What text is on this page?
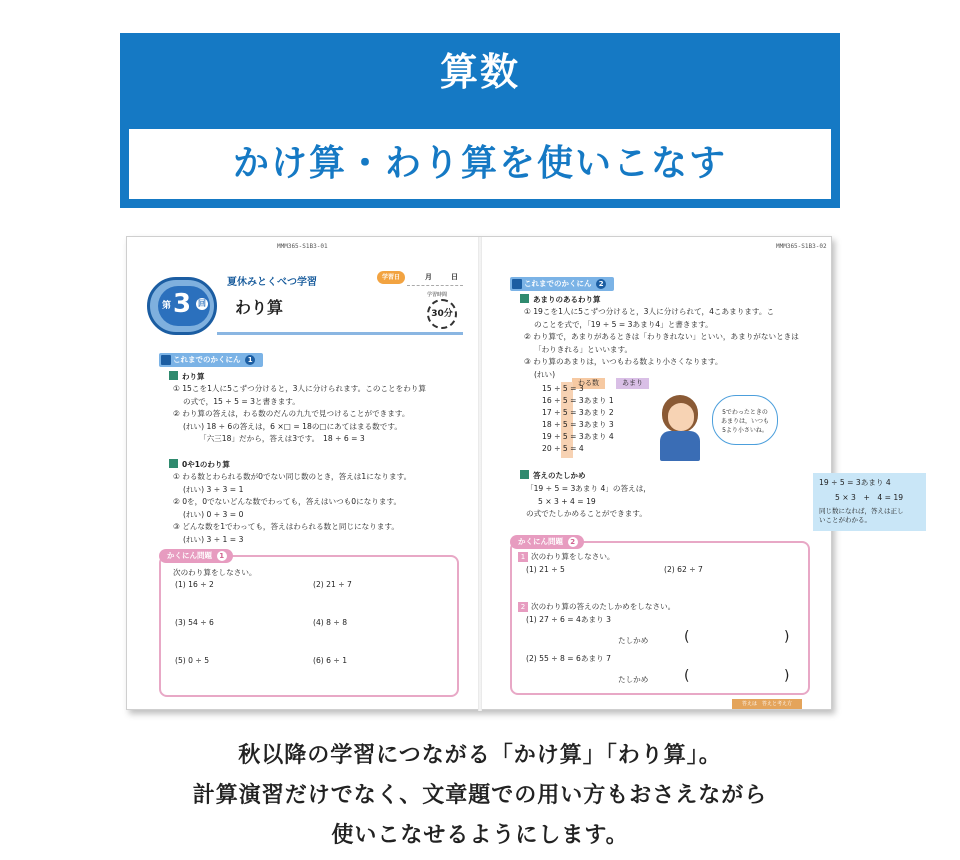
算数
かけ算・わり算を使いこなす
MMM365-S1B3-01
夏休みとくべつ学習
第 3 回 わり算
学習日	月	日
学習時間
30分
これまでのかくにん 1
わり算
① 15こを1人に5こずつ分けると，3人に分けられます。このことをわり算
の式で，15 ÷ 5 = 3と書きます。
② わり算の答えは，わる数のだんの九九で見つけることができます。
(れい) 18 ÷ 6の答えは，6 ×□ = 18の□にあてはまる数です。
「六三18」だから，答えは3です。　18 ÷ 6 = 3
0や1のわり算
① わる数とわられる数が0でない同じ数のとき，答えは1になります。
(れい) 3 ÷ 3 = 1
② 0を，0でないどんな数でわっても，答えはいつも0になります。
(れい) 0 ÷ 3 = 0
③ どんな数を1でわっても，答えはわられる数と同じになります。
(れい) 3 ÷ 1 = 3
かくにん問題 1
次のわり算をしなさい。
(1) 16 ÷ 2	(2) 21 ÷ 7
(3) 54 ÷ 6	(4) 8 ÷ 8
(5) 0 ÷ 5	(6) 6 ÷ 1
MMM365-S1B3-02
これまでのかくにん 2
あまりのあるわり算
① 19こを1人に5こずつ分けると，3人に分けられて，4こあまります。こ
のことを式で，「19 ÷ 5 = 3あまり4」と書きます。
② わり算で，あまりがあるときは「わりきれない」といい，あまりがないときは
「わりきれる」といいます。
③ わり算のあまりは，いつもわる数より小さくなります。
(れい)
わる数	あまり
15 ÷ 5 = 3
16 ÷ 5 = 3あまり 1
17 ÷ 5 = 3あまり 2
18 ÷ 5 = 3あまり 3
19 ÷ 5 = 3あまり 4
20 ÷ 5 = 4
5でわったときの
あまりは，いつも
5より小さいね。
答えのたしかめ
「19 ÷ 5 = 3あまり 4」の答えは，
5 × 3 + 4 = 19
の式でたしかめることができます。
19 ÷ 5 = 3あまり 4
5 × 3　+　4 = 19
同じ数になれば，答えは正し
いことがわかる。
かくにん問題 2
1 次のわり算をしなさい。
(1) 21 ÷ 5	(2) 62 ÷ 7
2 次のわり算の答えのたしかめをしなさい。
(1) 27 ÷ 6 = 4あまり 3
たしかめ	(	)
(2) 55 ÷ 8 = 6あまり 7
たしかめ	(	)
答えは　答えと考え方
秋以降の学習につながる「かけ算」「わり算」。
計算演習だけでなく、文章題での用い方もおさえながら
使いこなせるようにします。
